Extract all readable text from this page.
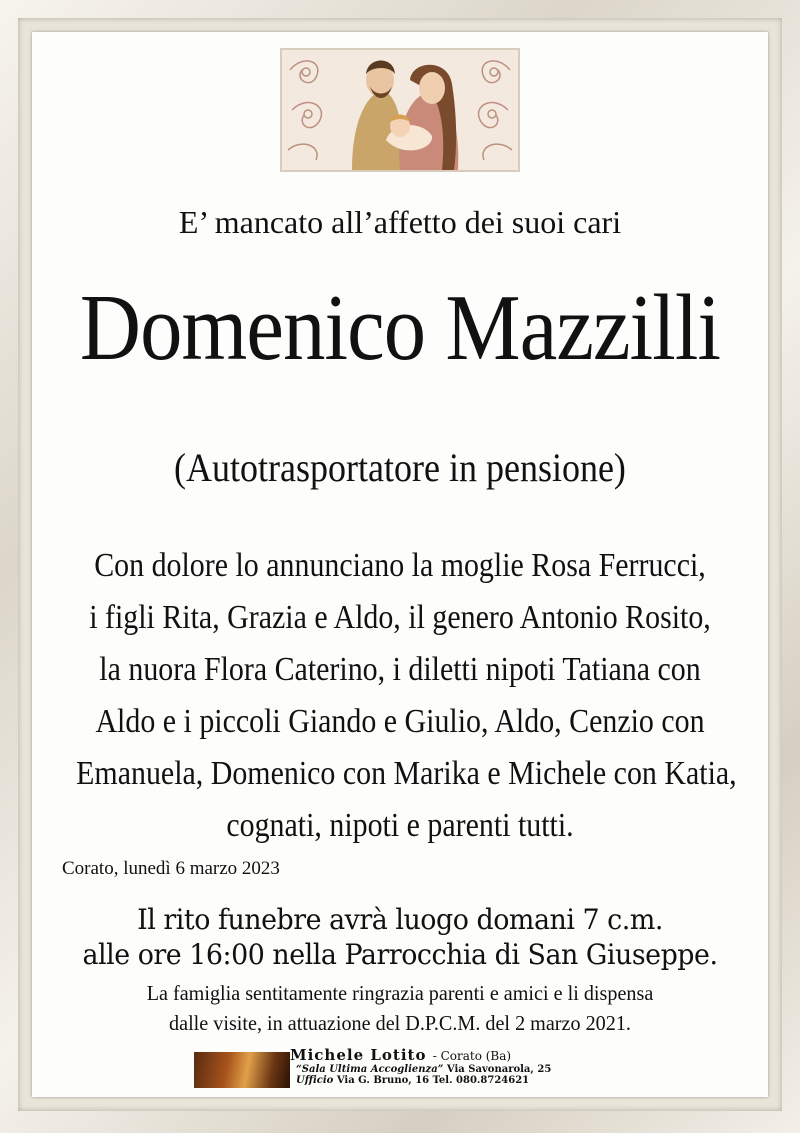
E’ mancato all’affetto dei suoi cari
Domenico Mazzilli
(Autotrasportatore in pensione)
Con dolore lo annunciano la moglie Rosa Ferrucci,
i figli Rita, Grazia e Aldo, il genero Antonio Rosito,
la nuora Flora Caterino, i diletti nipoti Tatiana con
Aldo e i piccoli Giando e Giulio, Aldo, Cenzio con
Emanuela, Domenico con Marika e Michele con Katia,
cognati, nipoti e parenti tutti.
Corato, lunedì 6 marzo 2023
Il rito funebre avrà luogo domani 7 c.m.
alle ore 16:00 nella Parrocchia di San Giuseppe.
La famiglia sentitamente ringrazia parenti e amici e li dispensa
dalle visite, in attuazione del D.P.C.M. del 2 marzo 2021.
Michele Lotito - Corato (Ba)
“Sala Ultima Accoglienza” Via Savonarola, 25
Ufficio Via G. Bruno, 16 Tel. 080.8724621
